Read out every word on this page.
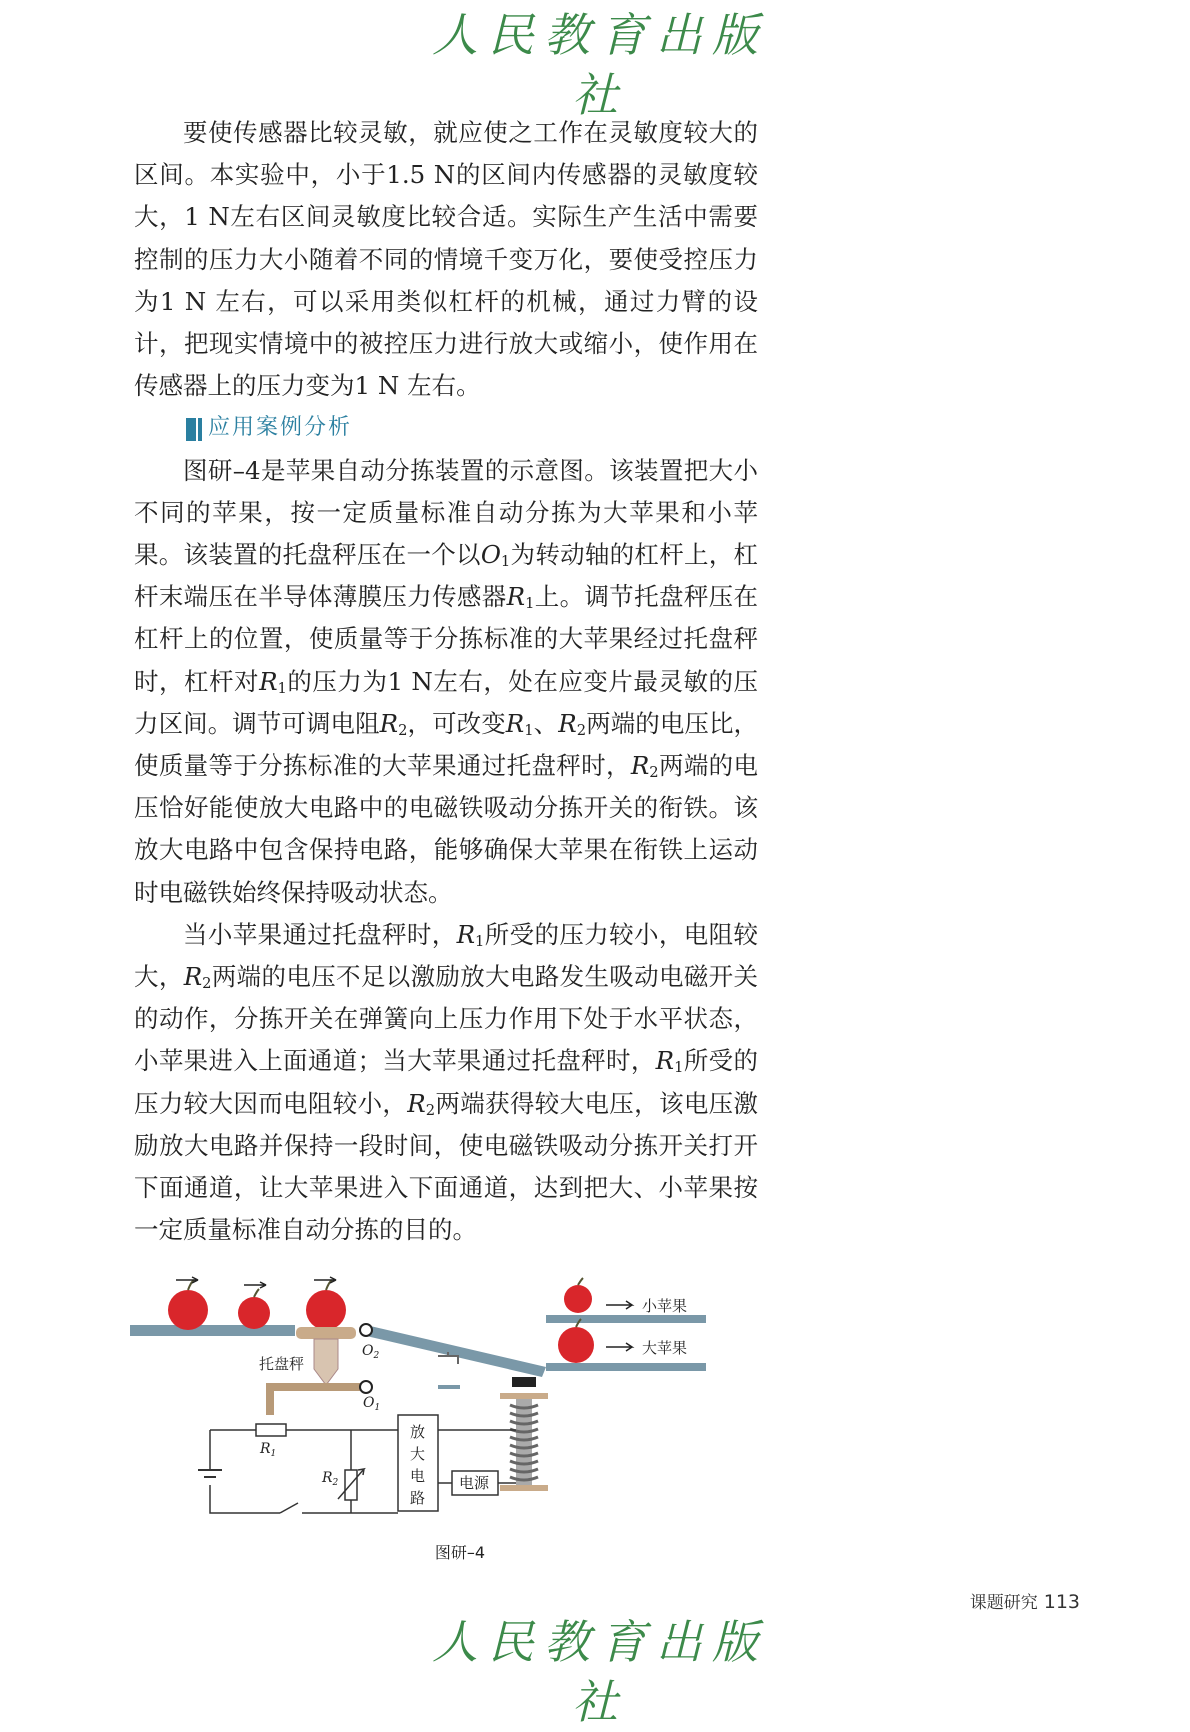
人民教育出版社

要使传感器比较灵敏，就应使之工作在灵敏度较大的区间。本实验中，小于1.5 N的区间内传感器的灵敏度较大，1 N左右区间灵敏度比较合适。实际生产生活中需要控制的压力大小随着不同的情境千变万化，要使受控压力为1 N 左右，可以采用类似杠杆的机械，通过力臂的设计，把现实情境中的被控压力进行放大或缩小，使作用在传感器上的压力变为1 N 左右。

应用案例分析

图研–4是苹果自动分拣装置的示意图。该装置把大小不同的苹果，按一定质量标准自动分拣为大苹果和小苹果。该装置的托盘秤压在一个以$O_1$为转动轴的杠杆上，杠杆末端压在半导体薄膜压力传感器$R_1$上。调节托盘秤压在杠杆上的位置，使质量等于分拣标准的大苹果经过托盘秤时，杠杆对$R_1$的压力为1 N左右，处在应变片最灵敏的压力区间。调节可调电阻$R_2$，可改变$R_1$、$R_2$两端的电压比，使质量等于分拣标准的大苹果通过托盘秤时，$R_2$两端的电压恰好能使放大电路中的电磁铁吸动分拣开关的衔铁。该放大电路中包含保持电路，能够确保大苹果在衔铁上运动时电磁铁始终保持吸动状态。

当小苹果通过托盘秤时，$R_1$所受的压力较小，电阻较大，$R_2$两端的电压不足以激励放大电路发生吸动电磁开关的动作，分拣开关在弹簧向上压力作用下处于水平状态，小苹果进入上面通道；当大苹果通过托盘秤时，$R_1$所受的压力较大因而电阻较小，$R_2$两端获得较大电压，该电压激励放大电路并保持一段时间，使电磁铁吸动分拣开关打开下面通道，让大苹果进入下面通道，达到把大、小苹果按一定质量标准自动分拣的目的。

托盘秤
$O_1$
$O_2$
小苹果
大苹果
放
大
电
路
电源
$R_1$
$R_2$
图研–4
课题研究 113
人民教育出版社
